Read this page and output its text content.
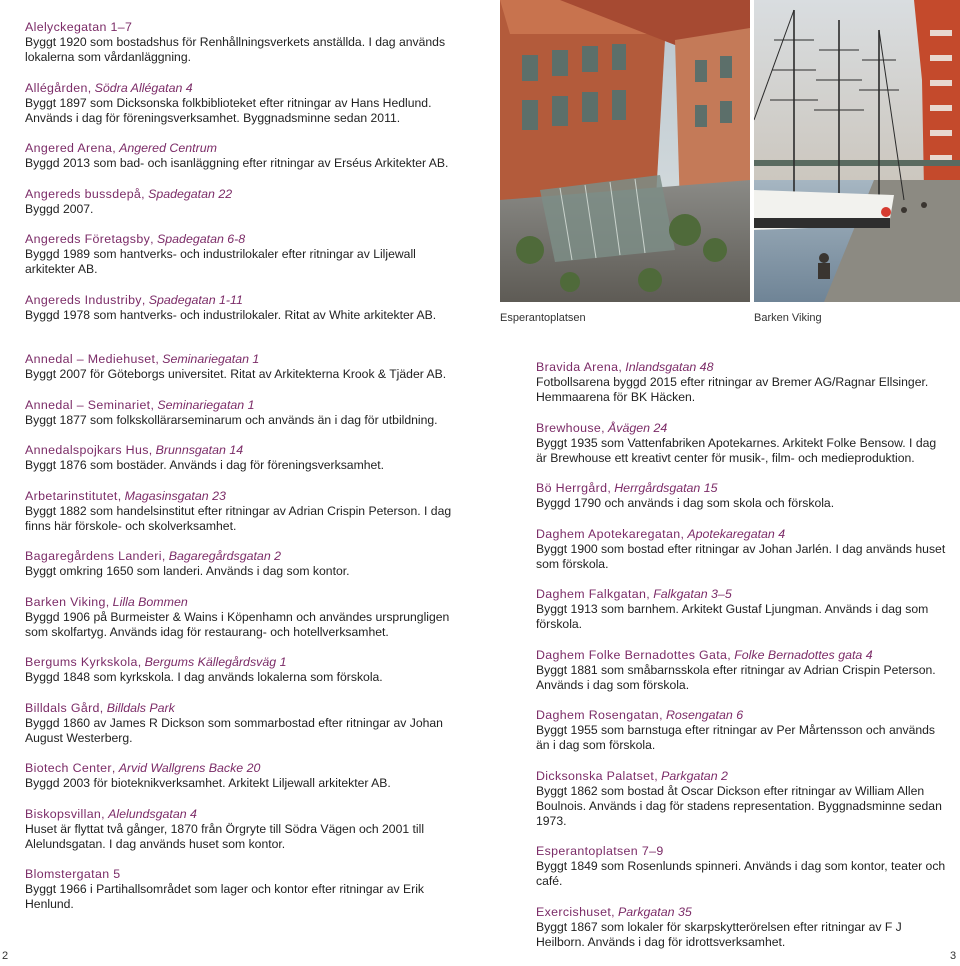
Alelyckegatan 1–7

Byggt 1920 som bostadshus för Renhållningsverkets anställda. I dag används lokalerna som vårdanläggning.

Allégården, Södra Allégatan 4

Byggt 1897 som Dicksonska folkbiblioteket efter ritningar av Hans Hedlund. Används i dag för föreningsverksamhet. Byggnadsminne sedan 2011.

Angered Arena, Angered Centrum

Byggd 2013 som bad- och isanläggning efter ritningar av Erséus Arkitekter AB.

Angereds bussdepå, Spadegatan 22

Byggd 2007.

Angereds Företagsby, Spadegatan 6-8

Byggd 1989 som hantverks- och industrilokaler efter ritningar av Liljewall arkitekter AB.

Angereds Industriby, Spadegatan 1-11

Byggd 1978 som hantverks- och industrilokaler. Ritat av White arkitekter AB.

Annedal – Mediehuset, Seminariegatan 1

Byggt 2007 för Göteborgs universitet. Ritat av Arkitekterna Krook & Tjäder AB.

Annedal – Seminariet, Seminariegatan 1

Byggt 1877 som folkskollärarseminarum och används än i dag för utbildning.

Annedalspojkars Hus, Brunnsgatan 14

Byggt 1876 som bostäder. Används i dag för föreningsverksamhet.

Arbetarinstitutet, Magasinsgatan 23

Byggt 1882 som handelsinstitut efter ritningar av Adrian Crispin Peterson. I dag finns här förskole- och skolverksamhet.

Bagaregårdens Landeri, Bagaregårdsgatan 2

Byggt omkring 1650 som landeri. Används i dag som kontor.

Barken Viking, Lilla Bommen

Byggd 1906 på Burmeister & Wains i Köpenhamn och användes ursprungligen som skolfartyg. Används idag för restaurang- och hotellverksamhet.

Bergums Kyrkskola, Bergums Källegårdsväg 1

Byggd 1848 som kyrkskola. I dag används lokalerna som förskola.

Billdals Gård, Billdals Park

Byggd 1860 av James R Dickson som sommarbostad efter ritningar av Johan August Westerberg.

Biotech Center, Arvid Wallgrens Backe 20

Byggd 2003 för bioteknikverksamhet. Arkitekt Liljewall arkitekter AB.

Biskopsvillan, Alelundsgatan 4

Huset är flyttat två gånger, 1870 från Örgryte till Södra Vägen och 2001 till Alelundsgatan. I dag används huset som kontor.

Blomstergatan 5

Byggt 1966 i Partihallsområdet som lager och kontor efter ritningar av Erik Henlund.

Bravida Arena, Inlandsgatan 48

Fotbollsarena byggd 2015 efter ritningar av Bremer AG/Ragnar Ellsinger. Hemmaarena för BK Häcken.

Brewhouse, Åvägen 24

Byggt 1935 som Vattenfabriken Apotekarnes. Arkitekt Folke Bensow. I dag är Brewhouse ett kreativt center för musik-, film- och medieproduktion.

Bö Herrgård, Herrgårdsgatan 15

Byggd 1790 och används i dag som skola och förskola.

Daghem Apotekaregatan, Apotekaregatan 4

Byggt 1900 som bostad efter ritningar av Johan Jarlén. I dag används huset som förskola.

Daghem Falkgatan, Falkgatan 3–5

Byggt 1913 som barnhem. Arkitekt Gustaf Ljungman. Används i dag som förskola.

Daghem Folke Bernadottes Gata, Folke Bernadottes gata 4

Byggt 1881 som småbarnsskola efter ritningar av Adrian Crispin Peterson. Används i dag som förskola.

Daghem Rosengatan, Rosengatan 6

Byggt 1955 som barnstuga efter ritningar av Per Mårtensson och används än i dag som förskola.

Dicksonska Palatset, Parkgatan 2

Byggt 1862 som bostad åt Oscar Dickson efter ritningar av William Allen Boulnois. Används i dag för stadens representation. Byggnadsminne sedan 1973.

Esperantoplatsen 7–9

Byggt 1849 som Rosenlunds spinneri. Används i dag som kontor, teater och café.

Exercishuset, Parkgatan 35

Byggt 1867 som lokaler för skarpskytterörelsen efter ritningar av F J Heilborn. Används i dag för idrottsverksamhet.

Esperantoplatsen	Barken Viking
2	3
